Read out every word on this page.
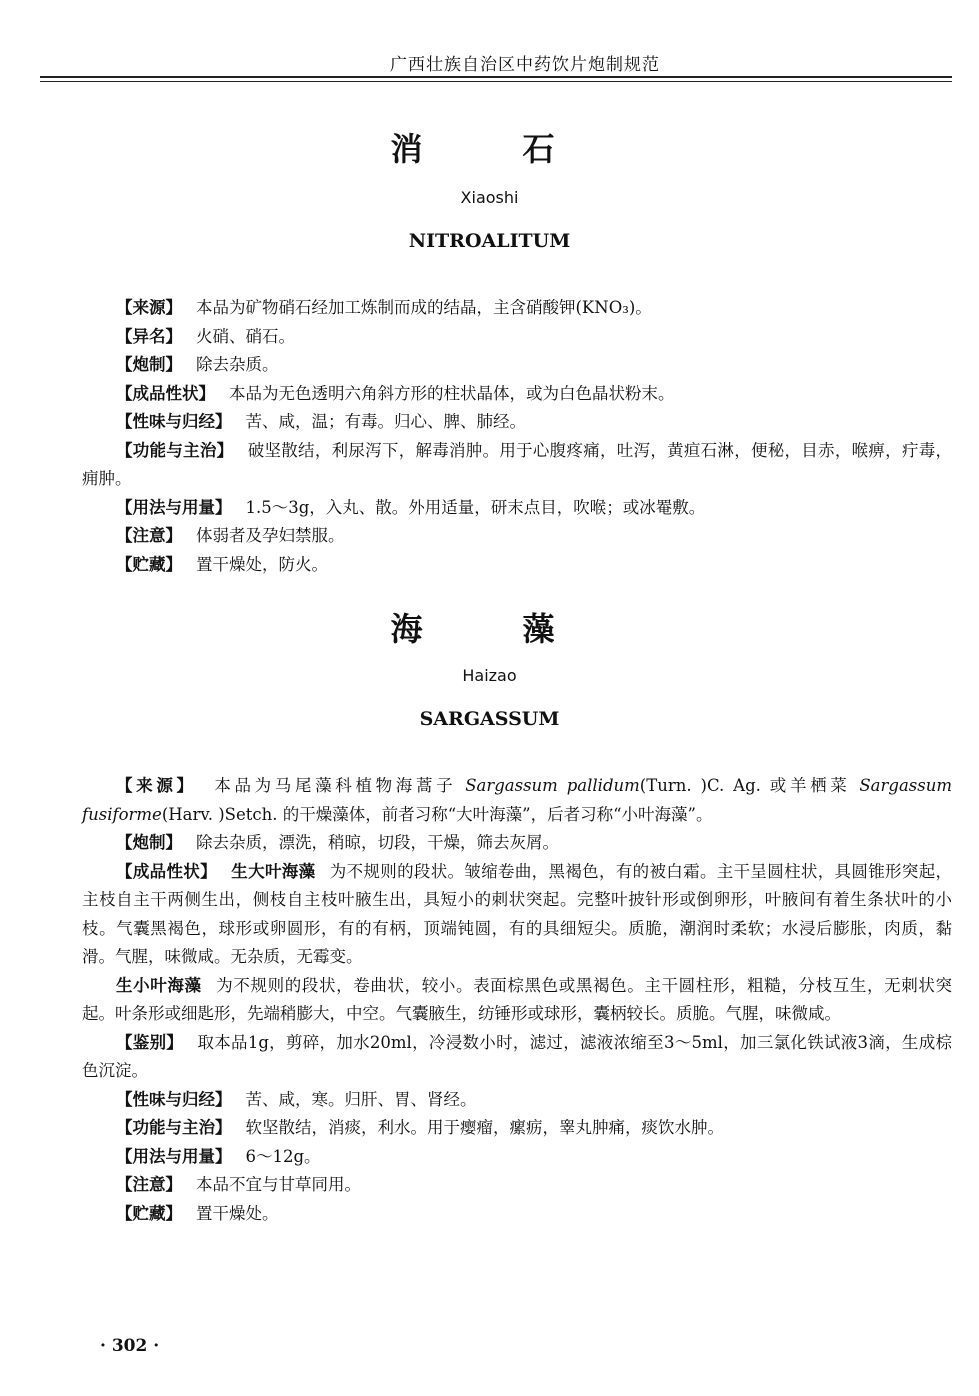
广西壮族自治区中药饮片炮制规范
消　石
Xiaoshi
NITROALITUM

【来源】 本品为矿物硝石经加工炼制而成的结晶，主含硝酸钾(KNO₃)。

【异名】 火硝、硝石。

【炮制】 除去杂质。

【成品性状】 本品为无色透明六角斜方形的柱状晶体，或为白色晶状粉末。

【性味与归经】 苦、咸，温；有毒。归心、脾、肺经。

【功能与主治】 破坚散结，利尿泻下，解毒消肿。用于心腹疼痛，吐泻，黄疸石淋，便秘，目赤，喉痹，疔毒，痈肿。

【用法与用量】 1.5～3g，入丸、散。外用适量，研末点目，吹喉；或冰罨敷。

【注意】 体弱者及孕妇禁服。

【贮藏】 置干燥处，防火。

海　藻
Haizao
SARGASSUM

【来源】 本品为马尾藻科植物海蒿子 Sargassum pallidum(Turn. )C. Ag. 或羊栖菜 Sargassum fusiforme(Harv. )Setch. 的干燥藻体，前者习称“大叶海藻”，后者习称“小叶海藻”。

【炮制】 除去杂质，漂洗，稍晾，切段，干燥，筛去灰屑。

【成品性状】 生大叶海藻 为不规则的段状。皱缩卷曲，黑褐色，有的被白霜。主干呈圆柱状，具圆锥形突起，主枝自主干两侧生出，侧枝自主枝叶腋生出，具短小的刺状突起。完整叶披针形或倒卵形，叶腋间有着生条状叶的小枝。气囊黑褐色，球形或卵圆形，有的有柄，顶端钝圆，有的具细短尖。质脆，潮润时柔软；水浸后膨胀，肉质，黏滑。气腥，味微咸。无杂质，无霉变。

生小叶海藻 为不规则的段状，卷曲状，较小。表面棕黑色或黑褐色。主干圆柱形，粗糙，分枝互生，无刺状突起。叶条形或细匙形，先端稍膨大，中空。气囊腋生，纺锤形或球形，囊柄较长。质脆。气腥，味微咸。

【鉴别】 取本品1g，剪碎，加水20ml，冷浸数小时，滤过，滤液浓缩至3～5ml，加三氯化铁试液3滴，生成棕色沉淀。

【性味与归经】 苦、咸，寒。归肝、胃、肾经。

【功能与主治】 软坚散结，消痰，利水。用于瘿瘤，瘰疬，睾丸肿痛，痰饮水肿。

【用法与用量】 6～12g。

【注意】 本品不宜与甘草同用。

【贮藏】 置干燥处。

· 302 ·
